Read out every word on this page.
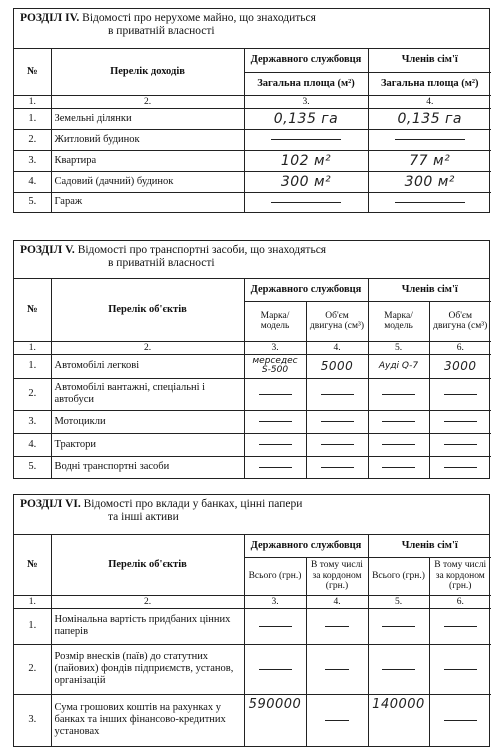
РОЗДІЛ IV. Відомості про нерухоме майно, що знаходиться
в приватній власності
№	Перелік доходів	Державного службовця	Членів сім'ї
		Загальна площа (м²)	Загальна площа (м²)
1.	2.	3.	4.
1.	Земельні ділянки	0,135 га	0,135 га
2.	Житловий будинок	

3.	Квартира	102 м²	77 м²
4.	Садовий (дачний) будинок	300 м²	300 м²
5.	Гараж	

РОЗДІЛ V. Відомості про транспортні засоби, що знаходяться
в приватній власності
№	Перелік об'єктів	Державного службовця		Членів сім'ї	
		Марка/ модель	Об'єм двигуна (см³)	Марка/ модель	Об'єм двигуна (см³)
1.	2.	3.	4.	5.	6.
1.	Автомобілі легкові	мерседес S-500	5000	Ауді Q-7	3000
2.	Автомобілі вантажні, спеціальні і автобуси	

3.	Мотоцикли	

4.	Трактори	

5.	Водні транспортні засоби	

РОЗДІЛ VI. Відомості про вклади у банках, цінні папери
та інші активи
№	Перелік об'єктів	Державного службовця		Членів сім'ї	
		Всього (грн.)	В тому числі за кордоном (грн.)	Всього (грн.)	В тому числі за кордоном (грн.)
1.	2.	3.	4.	5.	6.
1.	Номінальна вартість придбаних цінних паперів	

2.	Розмір внесків (паїв) до статутних (пайових) фондів підприємств, установ, організацій	

3.	Сума грошових коштів на рахунках у банках та інших фінансово-кредитних установах	590000		140000	
